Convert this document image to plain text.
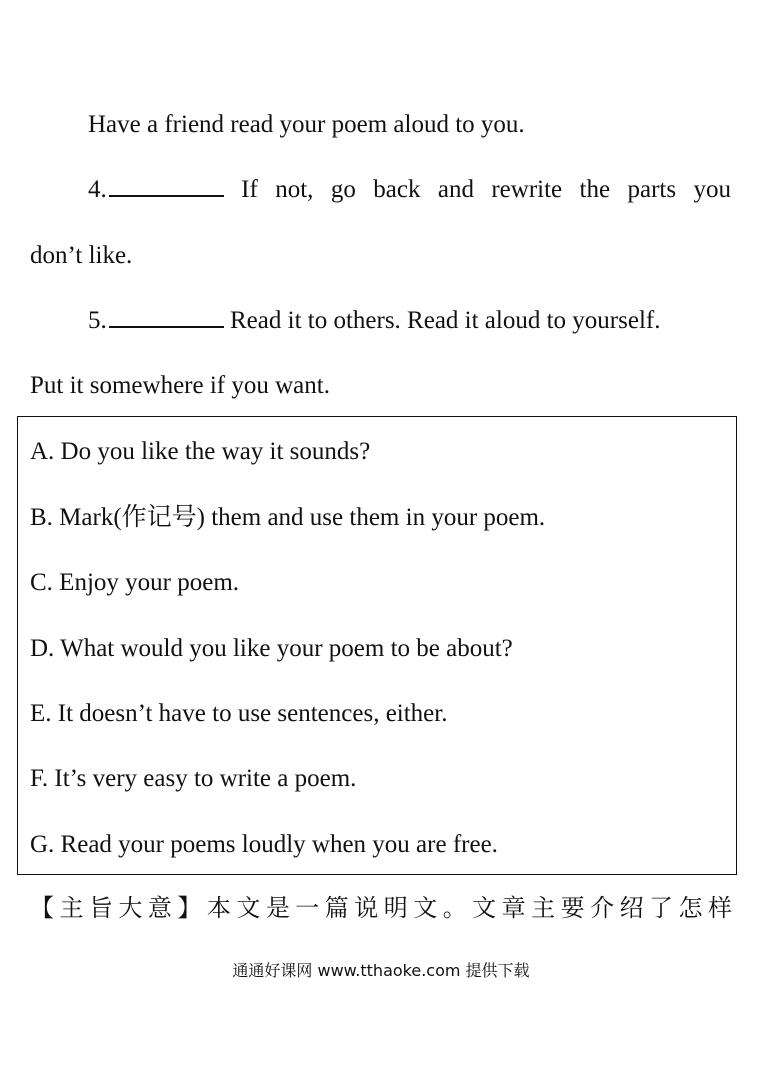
Have a friend read your poem aloud to you.
4.	If not, go back and rewrite the parts you
don’t like.
5.	Read it to others. Read it aloud to yourself.
Put it somewhere if you want.
A. Do you like the way it sounds?
B. Mark(作记号) them and use them in your poem.
C. Enjoy your poem.
D. What would you like your poem to be about?
E. It doesn’t have to use sentences, either.
F. It’s very easy to write a poem.
G. Read your poems loudly when you are free.
【主旨大意】本文是一篇说明文。文章主要介绍了怎样
通通好课网 www.tthaoke.com 提供下载
